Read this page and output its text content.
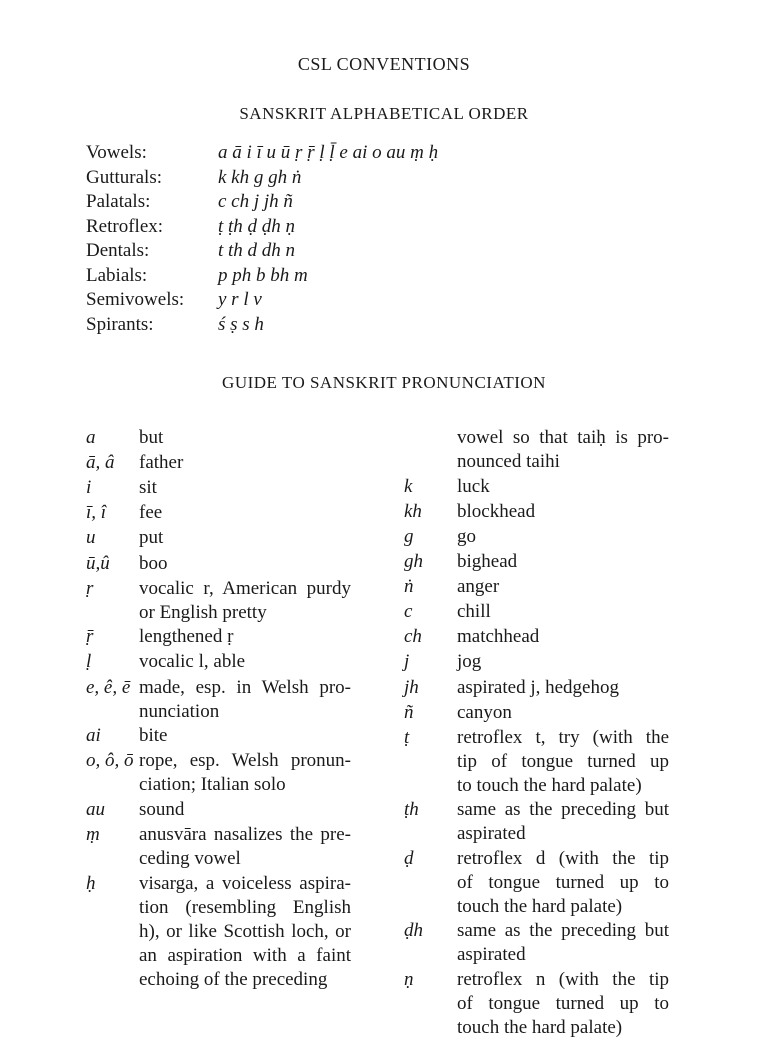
CSL CONVENTIONS
SANSKRIT ALPHABETICAL ORDER
Vowels:	a ā i ī u ū ṛ ṝ ḷ ḹ e ai o au ṃ ḥ
Gutturals:	k kh g gh ṅ
Palatals:	c ch j jh ñ
Retroflex:	ṭ ṭh ḍ ḍh ṇ
Dentals:	t th d dh n
Labials:	p ph b bh m
Semivowels: y r l v
Spirants:	ś ṣ s h
GUIDE TO SANSKRIT PRONUNCIATION
a but
ā, â father
i	sit
ī, î fee
u put
ū,û boo
ṛ vocalic r, American purdy
or English pretty
ṝ lengthened ṛ
ḷ	vocalic l, able
e, ê, ē made, esp. in Welsh pro-
nunciation
ai bite
o, ô, ō rope, esp. Welsh pronun-
ciation; Italian solo
au sound
ṃ anusvāra nasalizes the pre-
ceding vowel
ḥ visarga, a voiceless aspira-
tion (resembling English
h), or like Scottish loch, or
an aspiration with a faint
echoing of the preceding
vowel so that taiḥ is pro-
nounced taihi
k luck
kh blockhead
g go
gh bighead
ṅ anger
c chill
ch matchhead
j	jog
jh aspirated j, hedgehog
ñ canyon
ṭ	retroflex t, try (with the
tip of tongue turned up
to touch the hard palate)
ṭh same as the preceding but
aspirated
ḍ retroflex d (with the tip
of tongue turned up to
touch the hard palate)
ḍh same as the preceding but
aspirated
ṇ retroflex n (with the tip
of tongue turned up to
touch the hard palate)
